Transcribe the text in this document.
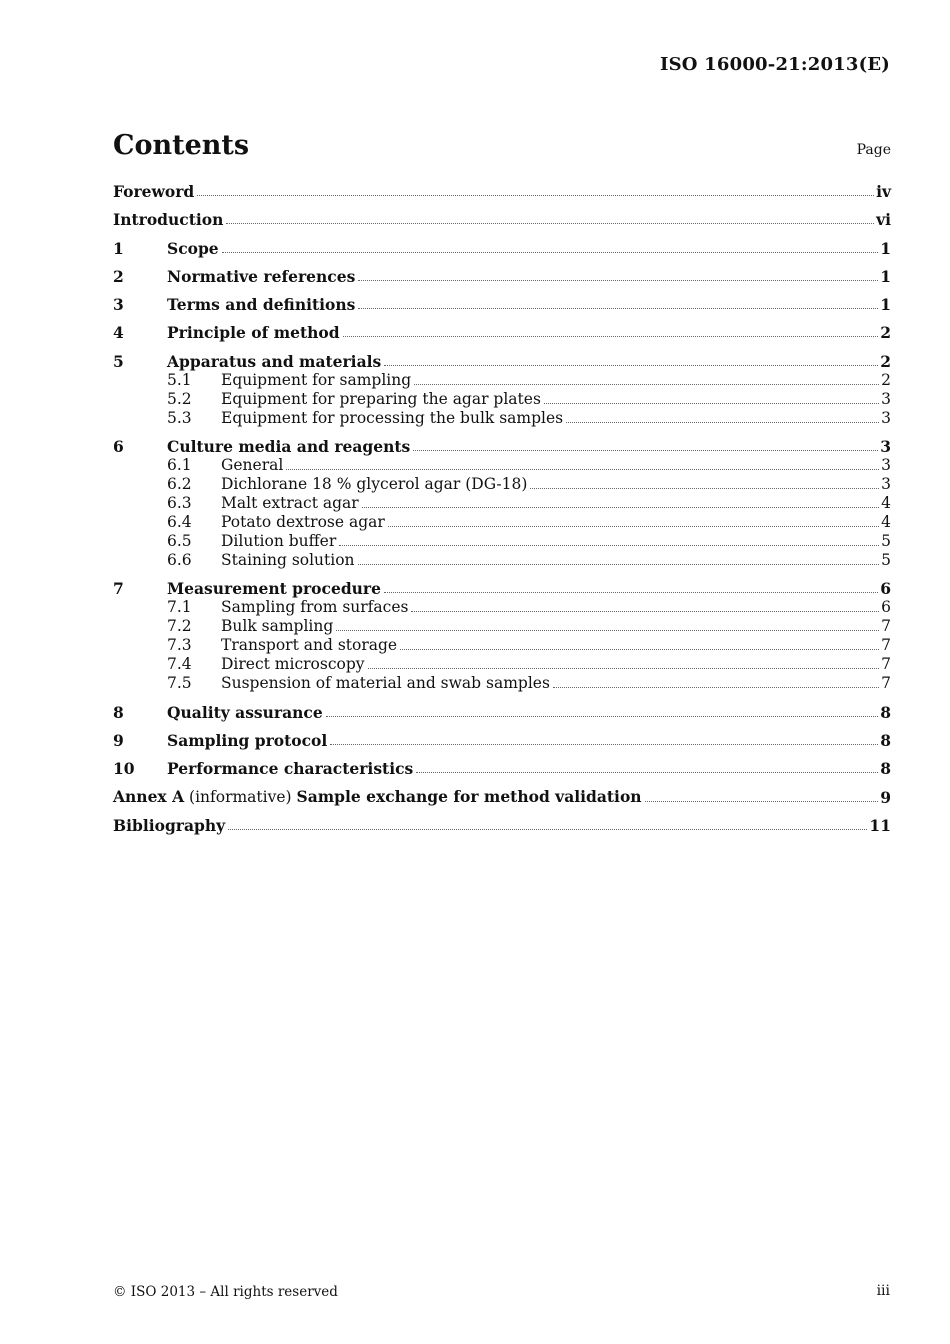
ISO 16000-21:2013(E)
Contents	Page
Foreword	iv
Introduction	vi
1	Scope	1
2	Normative references	1
3	Terms and definitions	1
4	Principle of method	2
5	Apparatus and materials	2
5.1	Equipment for sampling	2
5.2	Equipment for preparing the agar plates	3
5.3	Equipment for processing the bulk samples	3
6	Culture media and reagents	3
6.1	General	3
6.2	Dichlorane 18 % glycerol agar (DG-18)	3
6.3	Malt extract agar	4
6.4	Potato dextrose agar	4
6.5	Dilution buffer	5
6.6	Staining solution	5
7	Measurement procedure	6
7.1	Sampling from surfaces	6
7.2	Bulk sampling	7
7.3	Transport and storage	7
7.4	Direct microscopy	7
7.5	Suspension of material and swab samples	7
8	Quality assurance	8
9	Sampling protocol	8
10	Performance characteristics	8
Annex A (informative) Sample exchange for method validation	9
Bibliography	11
© ISO 2013 – All rights reserved	iii
